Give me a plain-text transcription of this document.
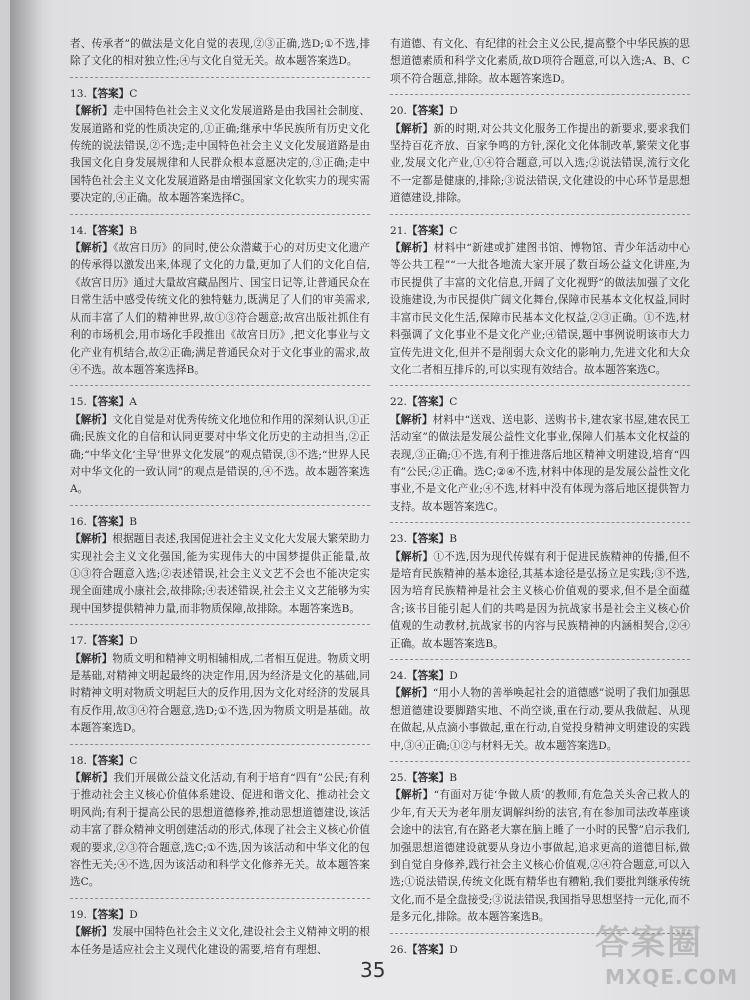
者、传承者”的做法是文化自觉的表现,②③正确,选D;①不选,排除了文化的相对独立性;④与文化自觉无关。故本题答案选D。

13.【答案】C

【解析】走中国特色社会主义文化发展道路是由我国社会制度、发展道路和党的性质决定的,①正确;继承中华民族所有历史文化传统的说法错误,②不选;走中国特色社会主义文化发展道路是由我国文化自身发展规律和人民群众根本意愿决定的,③正确;走中国特色社会主义文化发展道路是由增强国家文化软实力的现实需要决定的,④正确。故本题答案选择C。

14.【答案】B

【解析】《故宫日历》的同时,使公众潜藏于心的对历史文化遗产的传承得以激发出来,体现了文化的力量,更加了人们的文化自信,《故宫日历》通过大量故宫藏品图片、国宝日记等,让普通民众在日常生活中感受传统文化的独特魅力,既满足了人们的审美需求,从而丰富了人们的精神世界,故①③符合题意;故宫出版社抓住有利的市场机会,用市场化手段推出《故宫日历》,把文化事业与文化产业有机结合,故②正确;满足普通民众对于文化事业的需求,故④不选。故本题答案选择B。

15.【答案】A

【解析】文化自觉是对优秀传统文化地位和作用的深刻认识,①正确;民族文化的自信和认同更要对中华文化历史的主动担当,②正确;“中华文化‘主导’世界文化发展”的观点错误,③不选;“世界人民对中华文化的一致认同”的观点是错误的,④不选。故本题答案选A。

16.【答案】B

【解析】根据题目表述,我国促进社会主义文化大发展大繁荣助力实现社会主义文化强国,能为实现伟大的中国梦提供正能量,故①③符合题意入选;②表述错误,社会主义文艺不会也不能决定实现全面建成小康社会,故排除;④表述错误,社会主义文艺能够为实现中国梦提供精神力量,而非物质保障,故排除。本题答案选B。

17.【答案】D

【解析】物质文明和精神文明相辅相成,二者相互促进。物质文明是基础,对精神文明起最终的决定作用,因为经济是文化的基础,同时精神文明对物质文明起巨大的反作用,因为文化对经济的发展具有反作用,故③④符合题意,选D;①不选,因为物质文明是基础。故本题答案选D。

18.【答案】C

【解析】我们开展做公益文化活动,有利于培育“四有”公民;有利于推动社会主义核心价值体系建设、促进和谐文化、推动社会文明风尚;有利于提高公民的思想道德修养,推动思想道德建设,该活动丰富了群众精神文明创建活动的形式,体现了社会主义核心价值观的要求,②③符合题意,选C;①不选,因为该活动和中华文化的包容性无关;④不选,因为该活动和科学文化修养无关。故本题答案选C。

19.【答案】D

【解析】发展中国特色社会主义文化,建设社会主义精神文明的根本任务是适应社会主义现代化建设的需要,培育有理想、

有道德、有文化、有纪律的社会主义公民,提高整个中华民族的思想道德素质和科学文化素质,故D项符合题意,可以入选;A、B、C项不符合题意,排除。故本题答案选D。

20.【答案】D

【解析】新的时期,对公共文化服务工作提出的新要求,要求我们坚持百花齐放、百家争鸣的方针,深化文化体制改革,繁荣文化事业,发展文化产业,①④符合题意,可以入选;②说法错误,流行文化不一定都是健康的,排除;③说法错误,文化建设的中心环节是思想道德建设,排除。

21.【答案】C

【解析】材料中“新建或扩建图书馆、博物馆、青少年活动中心等公共工程”“一大批各地流大家开展了数百场公益文化讲座,为市民提供了丰富的文化信息,开阔了文化视野”的做法加强了文化设施建设,为市民提供广阔文化舞台,保障市民基本文化权益,同时丰富市民文化生活,保障市民基本文化权益,②③正确。①不选,材料强调了文化事业不是文化产业;④错误,题中事例说明该市大力宣传先进文化,但并不是削弱大众文化的影响力,先进文化和大众文化二者相互排斥的,可以实现有效结合。故本题答案选C。

22.【答案】C

【解析】材料中“送戏、送电影、送购书卡,建农家书屋,建农民工活动室”的做法是发展公益性文化事业,保障人们基本文化权益的表现,③正确;①不选,有利于推进落后地区精神文明建设,培育“四有”公民;②正确。选C;②④不选,材料中体现的是发展公益性文化事业,不是文化产业;④不选,材料中没有体现为落后地区提供智力支持。故本题答案选C。

23.【答案】B

【解析】①不选,因为现代传媒有利于促进民族精神的传播,但不是培育民族精神的基本途径,其基本途径是弘扬立足实践;③不选,因为培育民族精神是社会主义核心价值观的要求,但不是全面蕴含;该书目能引起人们的共鸣是因为抗战家书是社会主义核心价值观的生动教材,抗战家书的内容与民族精神的内涵相契合,②④正确。故本题答案选B。

24.【答案】D

【解析】“用小人物的善举唤起社会的道德感”说明了我们加强思想道德建设要脚踏实地、不尚空谈,重在行动,要从我做起、从现在做起,从点滴小事做起,重在行动,自觉投身精神文明建设的实践中,③④正确;①②与材料无关。故本题答案选D。

25.【答案】B

【解析】“有面对万徒‘争做人质’的教师,有危急关头舍己救人的少年,有天天为老年朋友调解纠纷的法官,有在参加司法改革座谈会途中的法官,有在路老大寨在脑上睡了一小时的民警”启示我们,加强思想道德建设就要从身边小事做起,追求更高的道德目标,做到自觉自身修养,践行社会主义核心价值观,②④符合题意,可以入选;①说法错误,传统文化既有精华也有糟粕,我们要批判继承传统文化,而不是全盘接受;③说法错误,我国指导思想坚持一元化,而不是多元化,排除。故本题答案选B。

26.【答案】D

35
答案圈
MXQE.COM
